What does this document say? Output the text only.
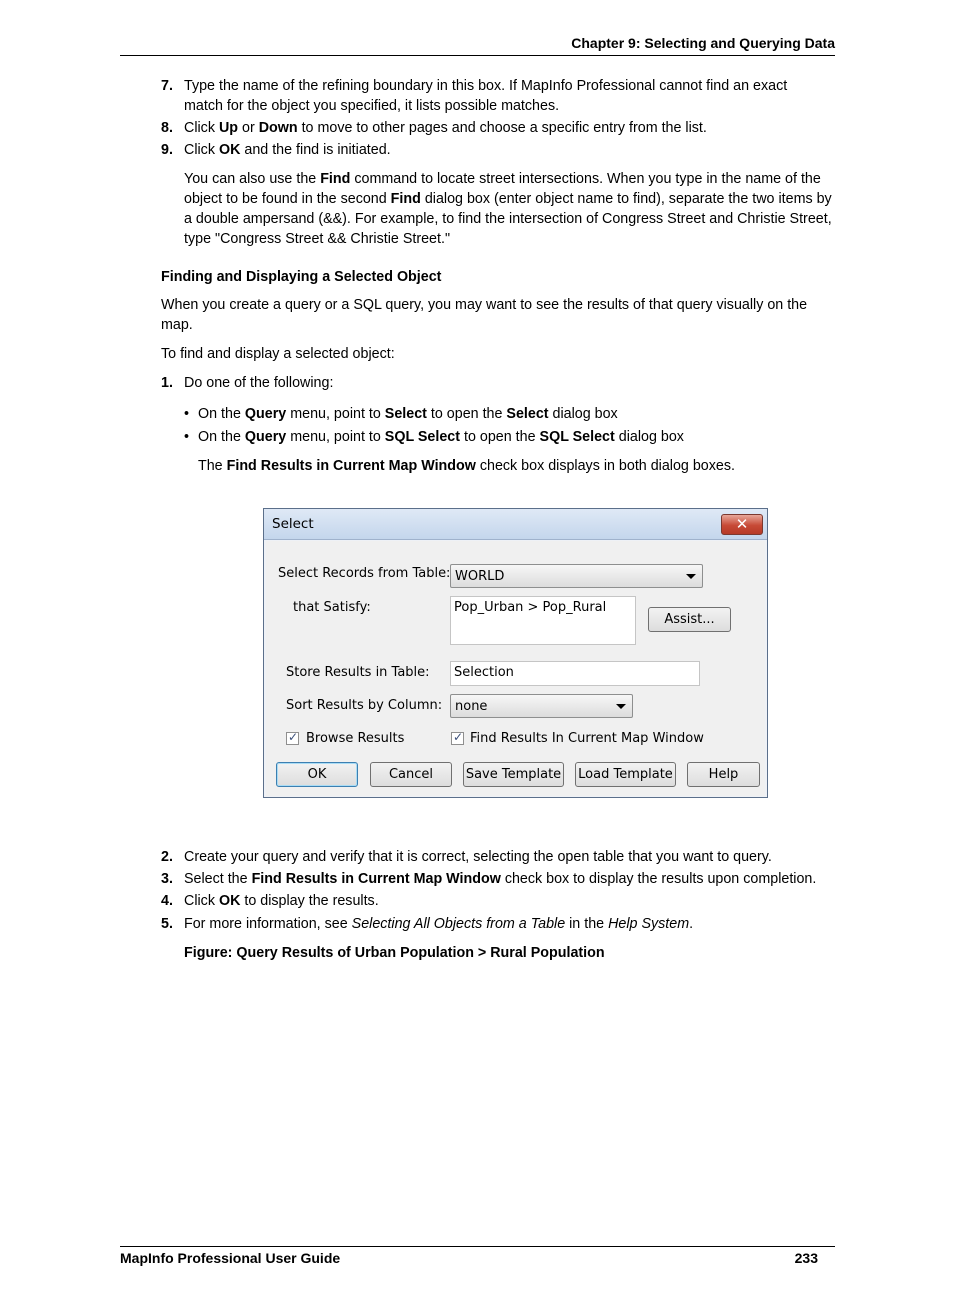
Chapter 9: Selecting and Querying Data
7. Type the name of the refining boundary in this box. If MapInfo Professional cannot find an exact match for the object you specified, it lists possible matches.
8. Click Up or Down to move to other pages and choose a specific entry from the list.
9. Click OK and the find is initiated.
You can also use the Find command to locate street intersections. When you type in the name of the object to be found in the second Find dialog box (enter object name to find), separate the two items by a double ampersand (&&). For example, to find the intersection of Congress Street and Christie Street, type "Congress Street && Christie Street."
Finding and Displaying a Selected Object
When you create a query or a SQL query, you may want to see the results of that query visually on the map.
To find and display a selected object:
1. Do one of the following:
• On the Query menu, point to Select to open the Select dialog box
• On the Query menu, point to SQL Select to open the SQL Select dialog box
The Find Results in Current Map Window check box displays in both dialog boxes.
Select	✕
Select Records from Table: WORLD
that Satisfy:	Pop_Urban > Pop_Rural
Assist...
Store Results in Table: Selection
Sort Results by Column: none
✓ Browse Results	✓ Find Results In Current Map Window
OK	Cancel	Save Template Load Template	Help
2. Create your query and verify that it is correct, selecting the open table that you want to query.
3. Select the Find Results in Current Map Window check box to display the results upon completion.
4. Click OK to display the results.
5. For more information, see Selecting All Objects from a Table in the Help System.
Figure: Query Results of Urban Population > Rural Population
MapInfo Professional User Guide	233
